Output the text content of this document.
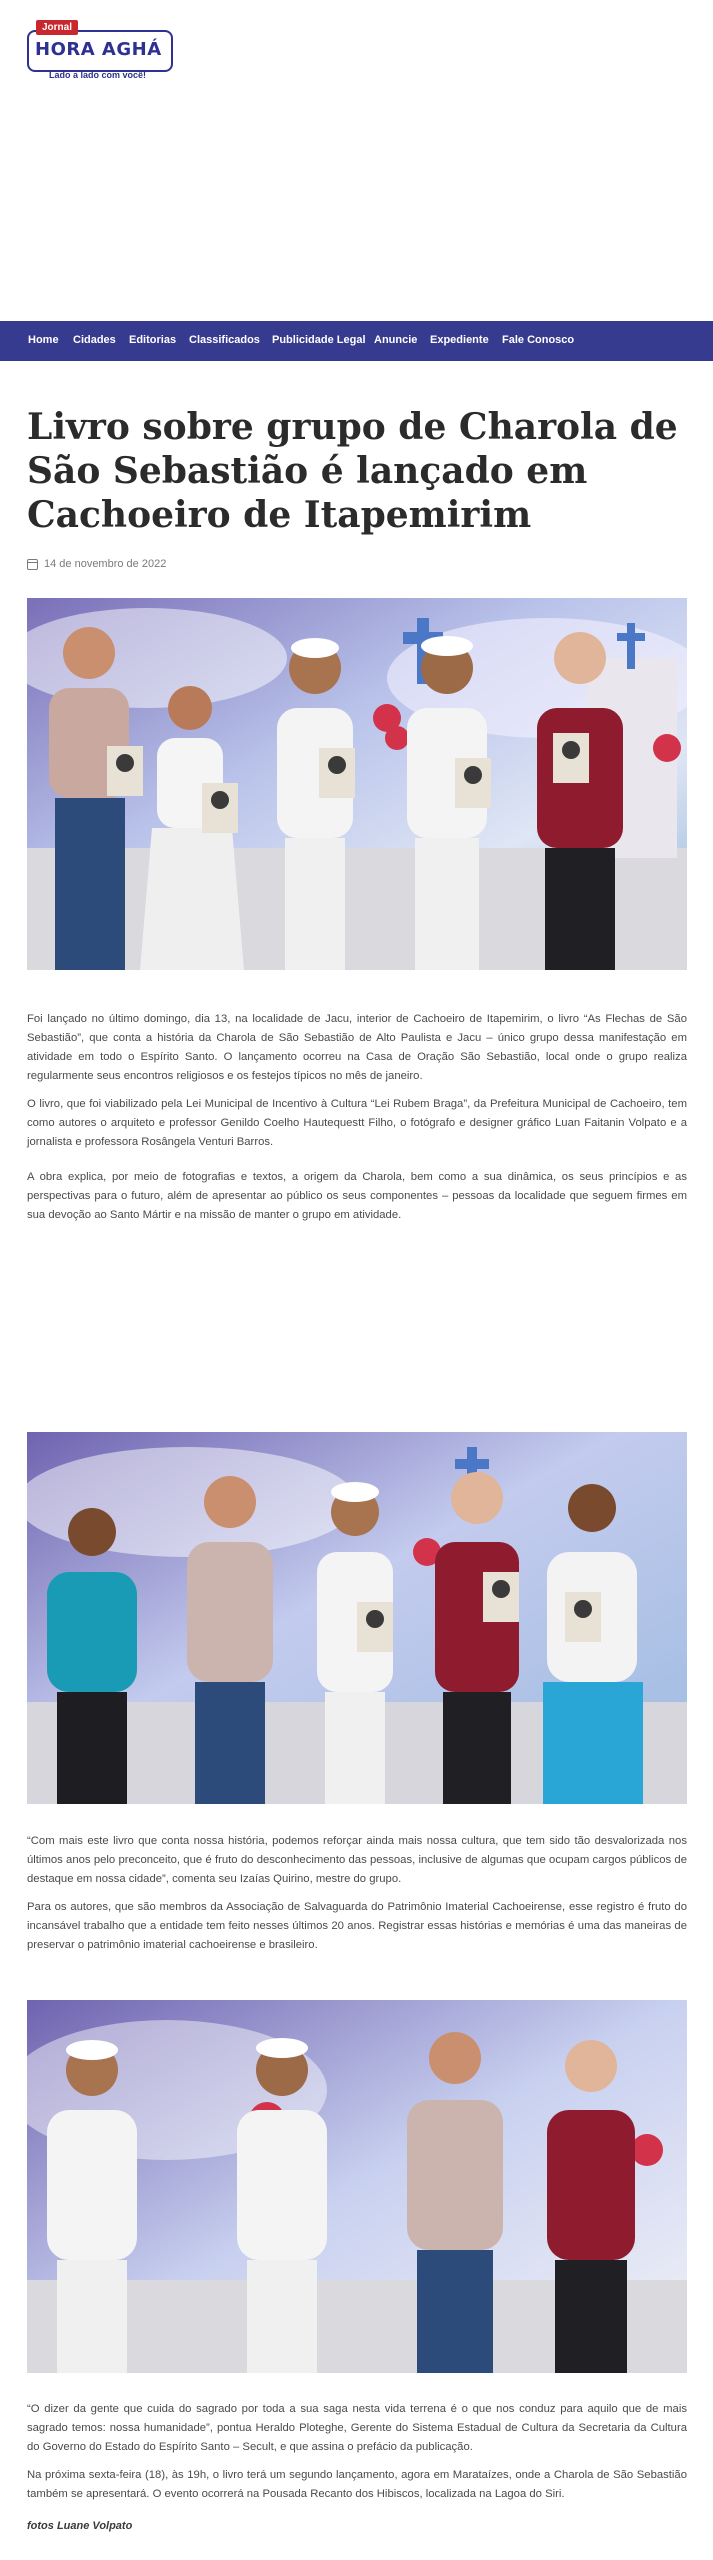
Jornal
HORA AGHÁ
Lado a lado com você!
Home Cidades Editorias Classificados Publicidade Legal Anuncie Expediente Fale Conosco
Livro sobre grupo de Charola de São Sebastião é lançado em Cachoeiro de Itapemirim
14 de novembro de 2022

Foi lançado no último domingo, dia 13, na localidade de Jacu, interior de Cachoeiro de Itapemirim, o livro “As Flechas de São Sebastião”, que conta a história da Charola de São Sebastião de Alto Paulista e Jacu – único grupo dessa manifestação em atividade em todo o Espírito Santo. O lançamento ocorreu na Casa de Oração São Sebastião, local onde o grupo realiza regularmente seus encontros religiosos e os festejos típicos no mês de janeiro.

O livro, que foi viabilizado pela Lei Municipal de Incentivo à Cultura “Lei Rubem Braga”, da Prefeitura Municipal de Cachoeiro, tem como autores o arquiteto e professor Genildo Coelho Hautequestt Filho, o fotógrafo e designer gráfico Luan Faitanin Volpato e a jornalista e professora Rosângela Venturi Barros.

A obra explica, por meio de fotografias e textos, a origem da Charola, bem como a sua dinâmica, os seus princípios e as perspectivas para o futuro, além de apresentar ao público os seus componentes – pessoas da localidade que seguem firmes em sua devoção ao Santo Mártir e na missão de manter o grupo em atividade.

“Com mais este livro que conta nossa história, podemos reforçar ainda mais nossa cultura, que tem sido tão desvalorizada nos últimos anos pelo preconceito, que é fruto do desconhecimento das pessoas, inclusive de algumas que ocupam cargos públicos de destaque em nossa cidade”, comenta seu Izaías Quirino, mestre do grupo.

Para os autores, que são membros da Associação de Salvaguarda do Patrimônio Imaterial Cachoeirense, esse registro é fruto do incansável trabalho que a entidade tem feito nesses últimos 20 anos. Registrar essas histórias e memórias é uma das maneiras de preservar o patrimônio imaterial cachoeirense e brasileiro.

“O dizer da gente que cuida do sagrado por toda a sua saga nesta vida terrena é o que nos conduz para aquilo que de mais sagrado temos: nossa humanidade”, pontua Heraldo Ploteghe, Gerente do Sistema Estadual de Cultura da Secretaria da Cultura do Governo do Estado do Espírito Santo – Secult, e que assina o prefácio da publicação.

Na próxima sexta-feira (18), às 19h, o livro terá um segundo lançamento, agora em Marataízes, onde a Charola de São Sebastião também se apresentará. O evento ocorrerá na Pousada Recanto dos Hibiscos, localizada na Lagoa do Siri.

fotos Luane Volpato
